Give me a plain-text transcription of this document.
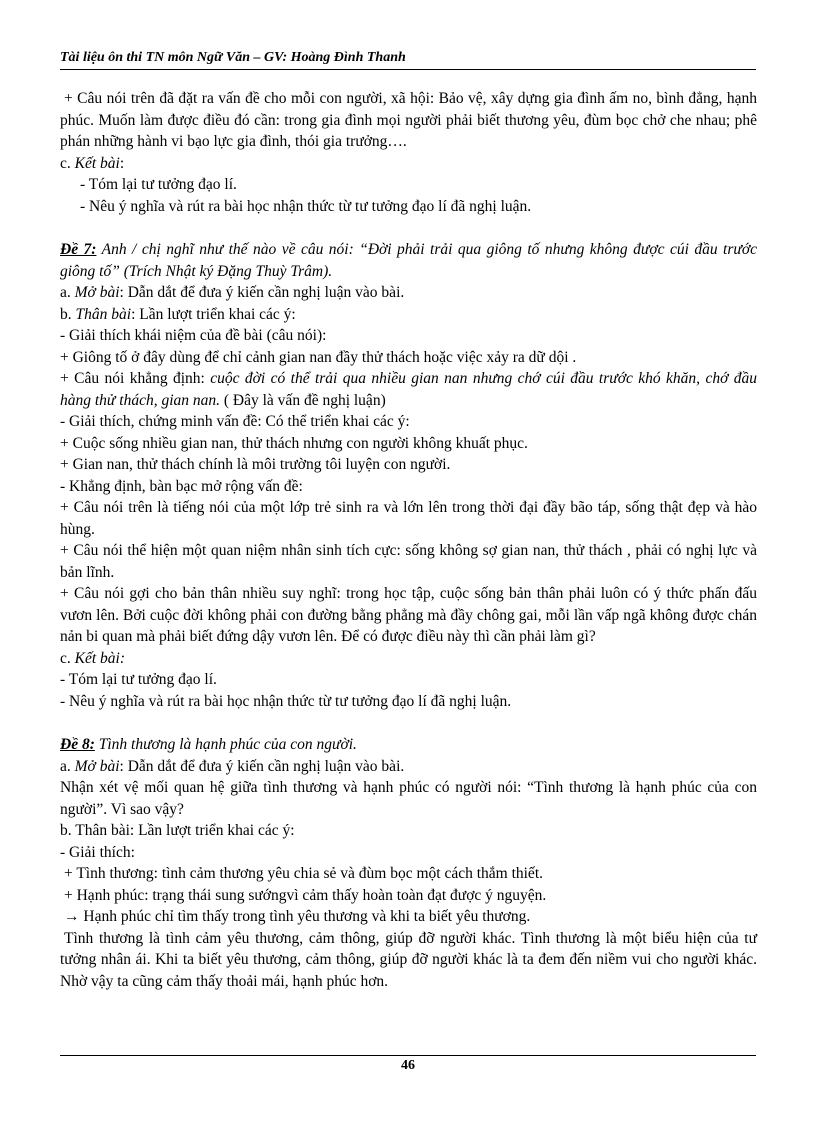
Tài liệu ôn thi TN môn Ngữ Văn – GV: Hoàng Đình Thanh

+ Câu nói trên đã đặt ra vấn đề cho mỗi con người, xã hội: Bảo vệ, xây dựng gia đình ấm no, bình đẳng, hạnh phúc. Muốn làm được điều đó cần: trong gia đình mọi người phải biết thương yêu, đùm bọc chở che nhau; phê phán những hành vi bạo lực gia đình, thói gia trưởng….

c. Kết bài:

- Tóm lại tư tưởng đạo lí.

- Nêu ý nghĩa và rút ra bài học nhận thức từ tư tưởng đạo lí đã nghị luận.

Đề 7: Anh / chị nghĩ như thế nào về câu nói: “Đời phải trải qua giông tố nhưng không được cúi đầu trước giông tố” (Trích Nhật ký Đặng Thuỳ Trâm).

a. Mở bài: Dẫn dắt để đưa ý kiến cần nghị luận vào bài.

b. Thân bài: Lần lượt triển khai các ý:

- Giải thích khái niệm của đề bài (câu nói):

+ Giông tố ở đây dùng để chỉ cảnh gian nan đầy thử thách hoặc việc xảy ra dữ dội .

+ Câu nói khẳng định: cuộc đời có thể trải qua nhiều gian nan nhưng chớ cúi đầu trước khó khăn, chớ đầu hàng thử thách, gian nan. ( Đây là vấn đề nghị luận)

- Giải thích, chứng minh vấn đề: Có thể triển khai các ý:

+ Cuộc sống nhiều gian nan, thử thách nhưng con người không khuất phục.

+ Gian nan, thử thách chính là môi trường tôi luyện con người.

- Khẳng định, bàn bạc mở rộng vấn đề:

+ Câu nói trên là tiếng nói của một lớp trẻ sinh ra và lớn lên trong thời đại đầy bão táp, sống thật đẹp và hào hùng.

+ Câu nói thể hiện một quan niệm nhân sinh tích cực: sống không sợ gian nan, thử thách , phải có nghị lực và bản lĩnh.

+ Câu nói gợi cho bản thân nhiều suy nghĩ: trong học tập, cuộc sống bản thân phải luôn có ý thức phấn đấu vươn lên. Bởi cuộc đời không phải con đường bằng phẳng mà đầy chông gai, mỗi lần vấp ngã không được chán nản bi quan mà phải biết đứng dậy vươn lên. Để có được điều này thì cần phải làm gì?

c. Kết bài:

- Tóm lại tư tưởng đạo lí.

- Nêu ý nghĩa và rút ra bài học nhận thức từ tư tưởng đạo lí đã nghị luận.

Đề 8: Tình thương là hạnh phúc của con người.

a. Mở bài: Dẫn dắt để đưa ý kiến cần nghị luận vào bài.

Nhận xét vệ mối quan hệ giữa tình thương và hạnh phúc có người nói: “Tình thương là hạnh phúc của con người”. Vì sao vậy?

b. Thân bài: Lần lượt triển khai các ý:

- Giải thích:

+ Tình thương: tình cảm thương yêu chia sẻ và đùm bọc một cách thắm thiết.

+ Hạnh phúc: trạng thái sung sướngvì cảm thấy hoàn toàn đạt được ý nguyện.

→ Hạnh phúc chỉ tìm thấy trong tình yêu thương và khi ta biết yêu thương.

Tình thương là tình cảm yêu thương, cảm thông, giúp đỡ người khác. Tình thương là một biểu hiện của tư tưởng nhân ái. Khi ta biết yêu thương, cảm thông, giúp đỡ người khác là ta đem đến niềm vui cho người khác. Nhờ vậy ta cũng cảm thấy thoải mái, hạnh phúc hơn.

46
